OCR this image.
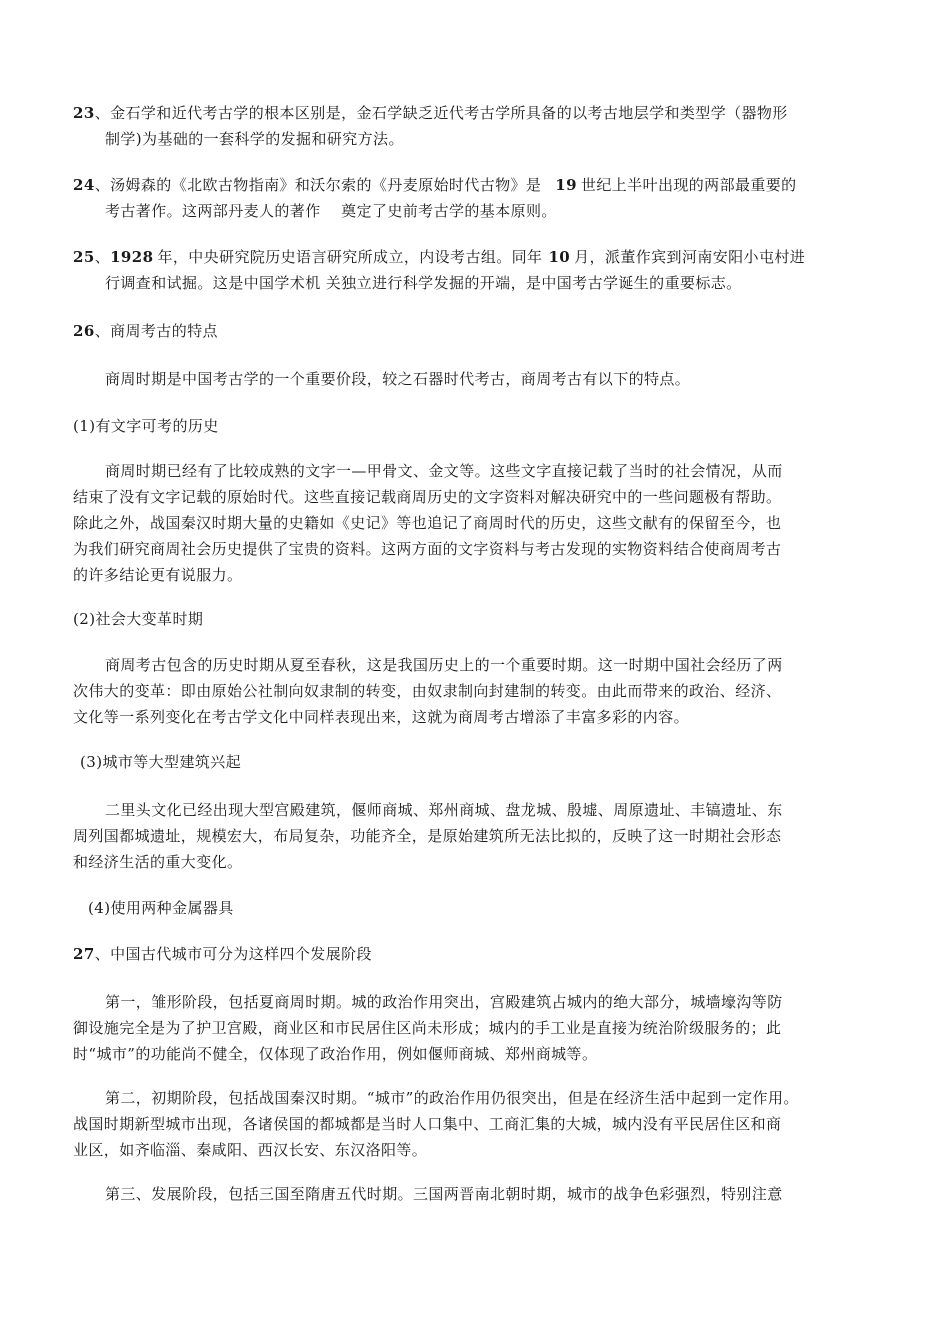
23、金石学和近代考古学的根本区别是，金石学缺乏近代考古学所具备的以考古地层学和类型学（器物形
制学)为基础的一套科学的发掘和研究方法。
24、汤姆森的《北欧古物指南》和沃尔索的《丹麦原始时代古物》是 19 世纪上半叶出现的两部最重要的
考古著作。这两部丹麦人的著作　 奠定了史前考古学的基本原则。
25、1928 年，中央研究院历史语言研究所成立，内设考古组。同年 10 月，派董作宾到河南安阳小屯村进
行调查和试掘。这是中国学术机 关独立进行科学发掘的开端，是中国考古学诞生的重要标志。
26、商周考古的特点
商周时期是中国考古学的一个重要价段，较之石器时代考古，商周考古有以下的特点。
(1)有文字可考的历史
商周时期已经有了比较成熟的文字一—甲骨文、金文等。这些文字直接记载了当时的社会情况，从而
结束了没有文字记载的原始时代。这些直接记载商周历史的文字资料对解决研究中的一些问题极有帮助。
除此之外，战国秦汉时期大量的史籍如《史记》等也追记了商周时代的历史，这些文献有的保留至今，也
为我们研究商周社会历史提供了宝贵的资料。这两方面的文字资料与考古发现的实物资料结合使商周考古
的许多结论更有说服力。
(2)社会大变革时期
商周考古包含的历史时期从夏至春秋，这是我国历史上的一个重要时期。这一时期中国社会经历了两
次伟大的变革：即由原始公社制向奴隶制的转变，由奴隶制向封建制的转变。由此而带来的政治、经济、
文化等一系列变化在考古学文化中同样表现出来，这就为商周考古增添了丰富多彩的内容。
(3)城市等大型建筑兴起
二里头文化已经出现大型宫殿建筑，偃师商城、郑州商城、盘龙城、殷墟、周原遗址、丰镐遗址、东
周列国都城遗址，规模宏大，布局复杂，功能齐全，是原始建筑所无法比拟的，反映了这一时期社会形态
和经济生活的重大变化。
(4)使用两种金属器具
27、中国古代城市可分为这样四个发展阶段
第一，雏形阶段，包括夏商周时期。城的政治作用突出，宫殿建筑占城内的绝大部分，城墙壕沟等防
御设施完全是为了护卫宫殿，商业区和市民居住区尚未形成；城内的手工业是直接为统治阶级服务的；此
时“城市”的功能尚不健全，仅体现了政治作用，例如偃师商城、郑州商城等。
第二，初期阶段，包括战国秦汉时期。“城市”的政治作用仍很突出，但是在经济生活中起到一定作用。
战国时期新型城市出现，各诸侯国的都城都是当时人口集中、工商汇集的大城，城内没有平民居住区和商
业区，如齐临淄、秦咸阳、西汉长安、东汉洛阳等。
第三、发展阶段，包括三国至隋唐五代时期。三国两晋南北朝时期，城市的战争色彩强烈，特别注意
